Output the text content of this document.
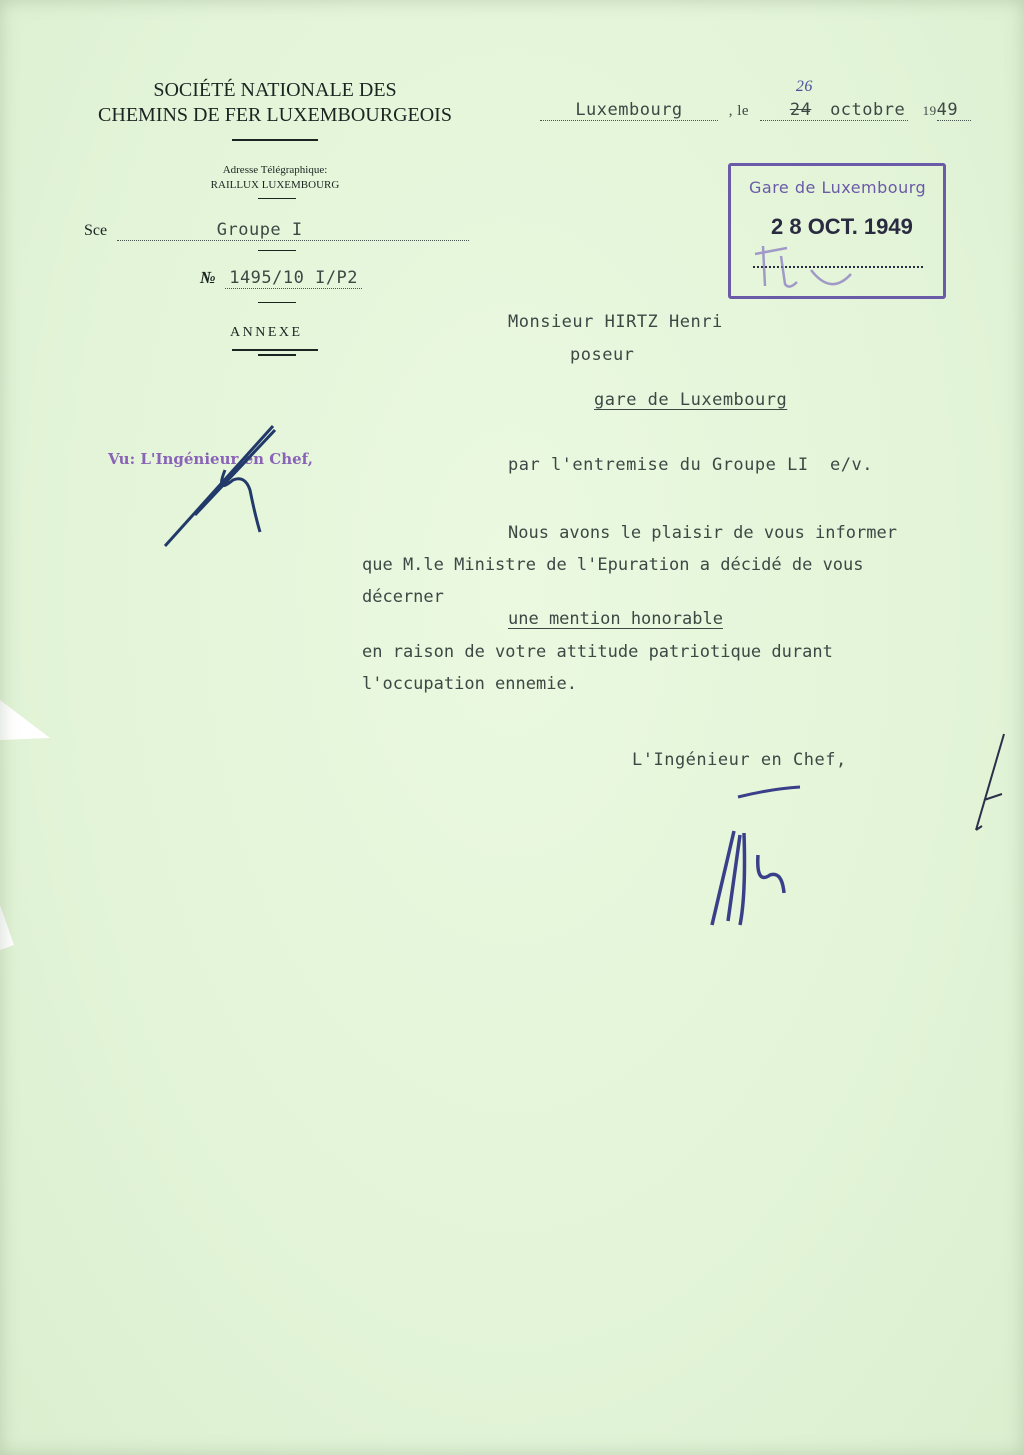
SOCIÉTÉ NATIONALE DES
CHEMINS DE FER LUXEMBOURGEOIS
Adresse Télégraphique:
RAILLUX LUXEMBOURG
Sce	Groupe I
№ 1495/10 I/P2
ANNEXE
Luxembourg	, le
26
24 octobre 1949
Gare de Luxembourg
2 8 OCT. 1949
Vu: L'Ingénieur en Chef,
Monsieur HIRTZ Henri
poseur
gare de Luxembourg
par l'entremise du Groupe LI  e/v.
Nous avons le plaisir de vous informer
que M.le Ministre de l'Epuration a décidé de vous
décerner
une mention honorable
en raison de votre attitude patriotique durant
l'occupation ennemie.
L'Ingénieur en Chef,
